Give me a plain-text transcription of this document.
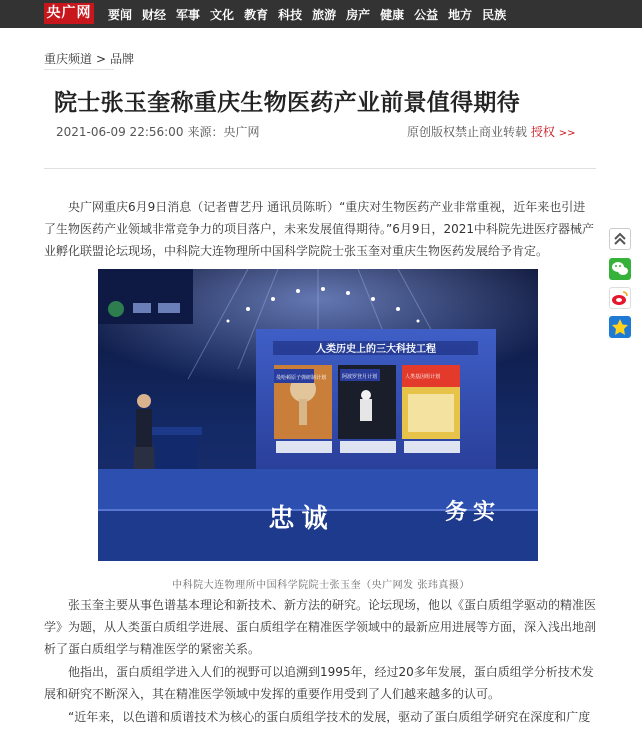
央广网 要闻 财经 军事 文化 教育 科技 旅游 房产 健康 公益 地方 民族
重庆频道 > 品牌
院士张玉奎称重庆生物医药产业前景值得期待
2021-06-09 22:56:00 来源：央广网	原创版权禁止商业转载 授权 >>

央广网重庆6月9日消息（记者曹艺丹 通讯员陈昕）“重庆对生物医药产业非常重视，近年来也引进了生物医药产业领域非常竞争力的项目落户，未来发展值得期待。”6月9日，2021中科院先进医疗器械产业孵化联盟论坛现场，中科院大连物理所中国科学院院士张玉奎对重庆生物医药发展给予肯定。

人类历史上的三大科技工程
曼哈顿原子弹研制计划	阿波罗登月计划	人类基因组计划
忠 诚	务 实
中科院大连物理所中国科学院院士张玉奎（央广网发 张玮真摄）

张玉奎主要从事色谱基本理论和新技术、新方法的研究。论坛现场，他以《蛋白质组学驱动的精准医学》为题，从人类蛋白质组学进展、蛋白质组学在精准医学领域中的最新应用进展等方面，深入浅出地剖析了蛋白质组学与精准医学的紧密关系。

他指出，蛋白质组学进入人们的视野可以追溯到1995年，经过20多年发展，蛋白质组学分析技术发展和研究不断深入，其在精准医学领域中发挥的重要作用受到了人们越来越多的认可。

“近年来，以色谱和质谱技术为核心的蛋白质组学技术的发展，驱动了蛋白质组学研究在深度和广度
